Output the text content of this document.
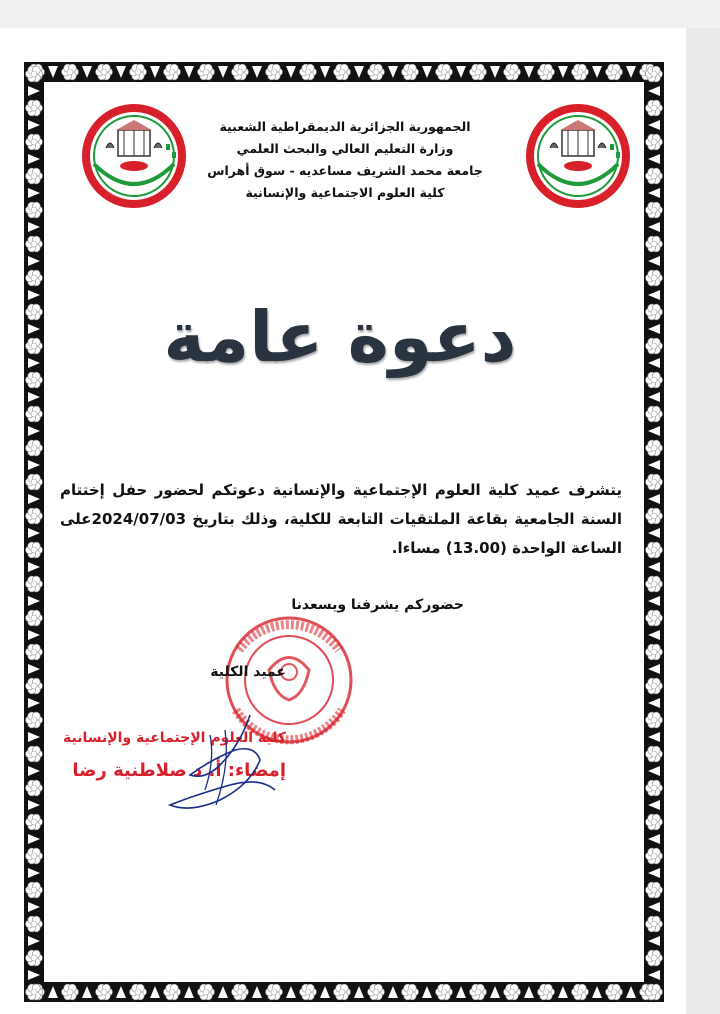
الجمهورية الجزائرية الديمقراطية الشعبية
وزارة التعليم العالي والبحث العلمي
جامعة محمد الشريف مساعديه - سوق أهراس
كلية العلوم الاجتماعية والإنسانية
دعوة عامة
يتشرف عميد كلية العلوم الإجتماعية والإنسانية دعوتكم لحضور حفل إختتام السنة الجامعية بقاعة الملتقيات التابعة للكلية، وذلك بتاريخ 2024/07/03على الساعة الواحدة (13.00) مساءا.
حضوركم يشرفنا ويسعدنا
عميد الكلية
كلية العلوم الإجتماعية والإنسانية
إمضاء: أ. د صلاطنية رضا
